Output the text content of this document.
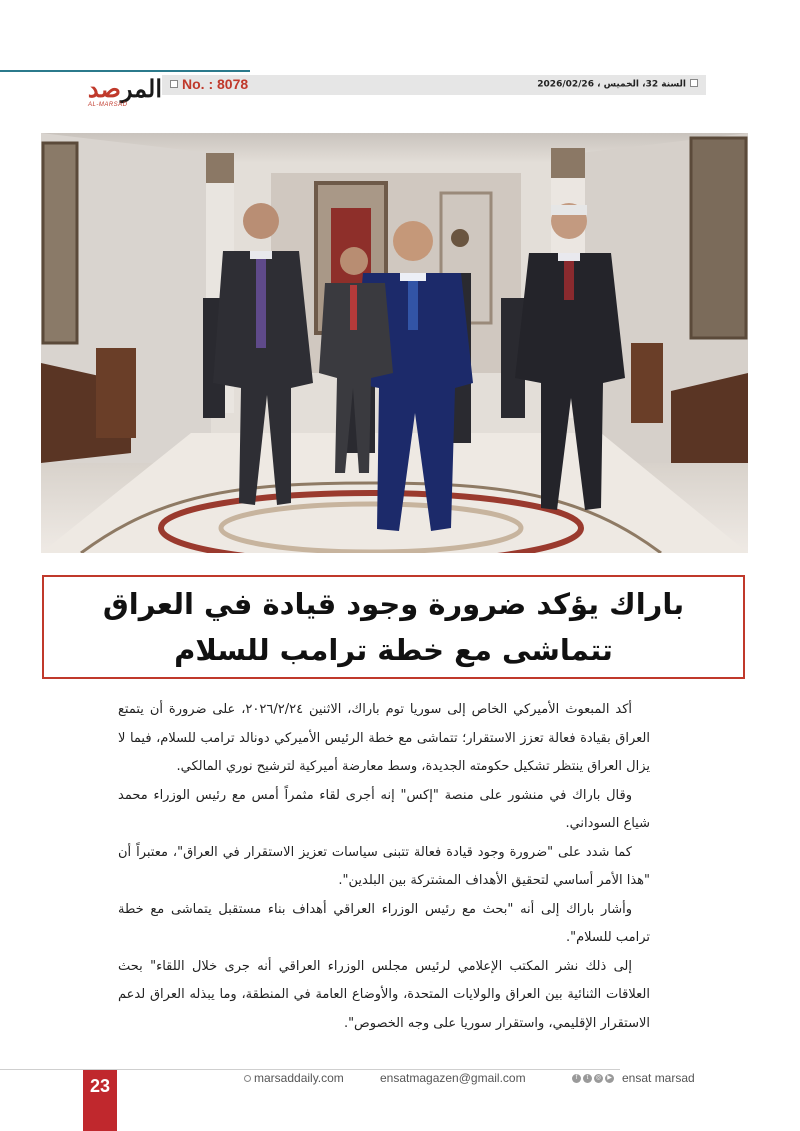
المرصد
AL-MARSAD
No. : 8078	السنة 32، الخميس ، 2026/02/26
باراك يؤكد ضرورة وجود قيادة في العراق تتماشى مع خطة ترامب للسلام

أكد المبعوث الأميركي الخاص إلى سوريا توم باراك، الاثنين ٢٠٢٦/٢/٢٤، على ضرورة أن يتمتع العراق بقيادة فعالة تعزز الاستقرار؛ تتماشى مع خطة الرئيس الأميركي دونالد ترامب للسلام، فيما لا يزال العراق ينتظر تشكيل حكومته الجديدة، وسط معارضة أميركية لترشيح نوري المالكي.

وقال باراك في منشور على منصة "إكس" إنه أجرى لقاء مثمراً أمس مع رئيس الوزراء محمد شياع السوداني.

كما شدد على "ضرورة وجود قيادة فعالة تتبنى سياسات تعزيز الاستقرار في العراق"، معتبراً أن "هذا الأمر أساسي لتحقيق الأهداف المشتركة بين البلدين".

وأشار باراك إلى أنه "بحث مع رئيس الوزراء العراقي أهداف بناء مستقبل يتماشى مع خطة ترامب للسلام".

إلى ذلك نشر المكتب الإعلامي لرئيس مجلس الوزراء العراقي أنه جرى خلال اللقاء" بحث العلاقات الثنائية بين العراق والولايات المتحدة، والأوضاع العامة في المنطقة، وما يبذله العراق لدعم الاستقرار الإقليمي، واستقرار سوريا على وجه الخصوص".

23	marsaddaily.com	ensatmagazen@gmail.com	f	t	◎	▶ ensat marsad
